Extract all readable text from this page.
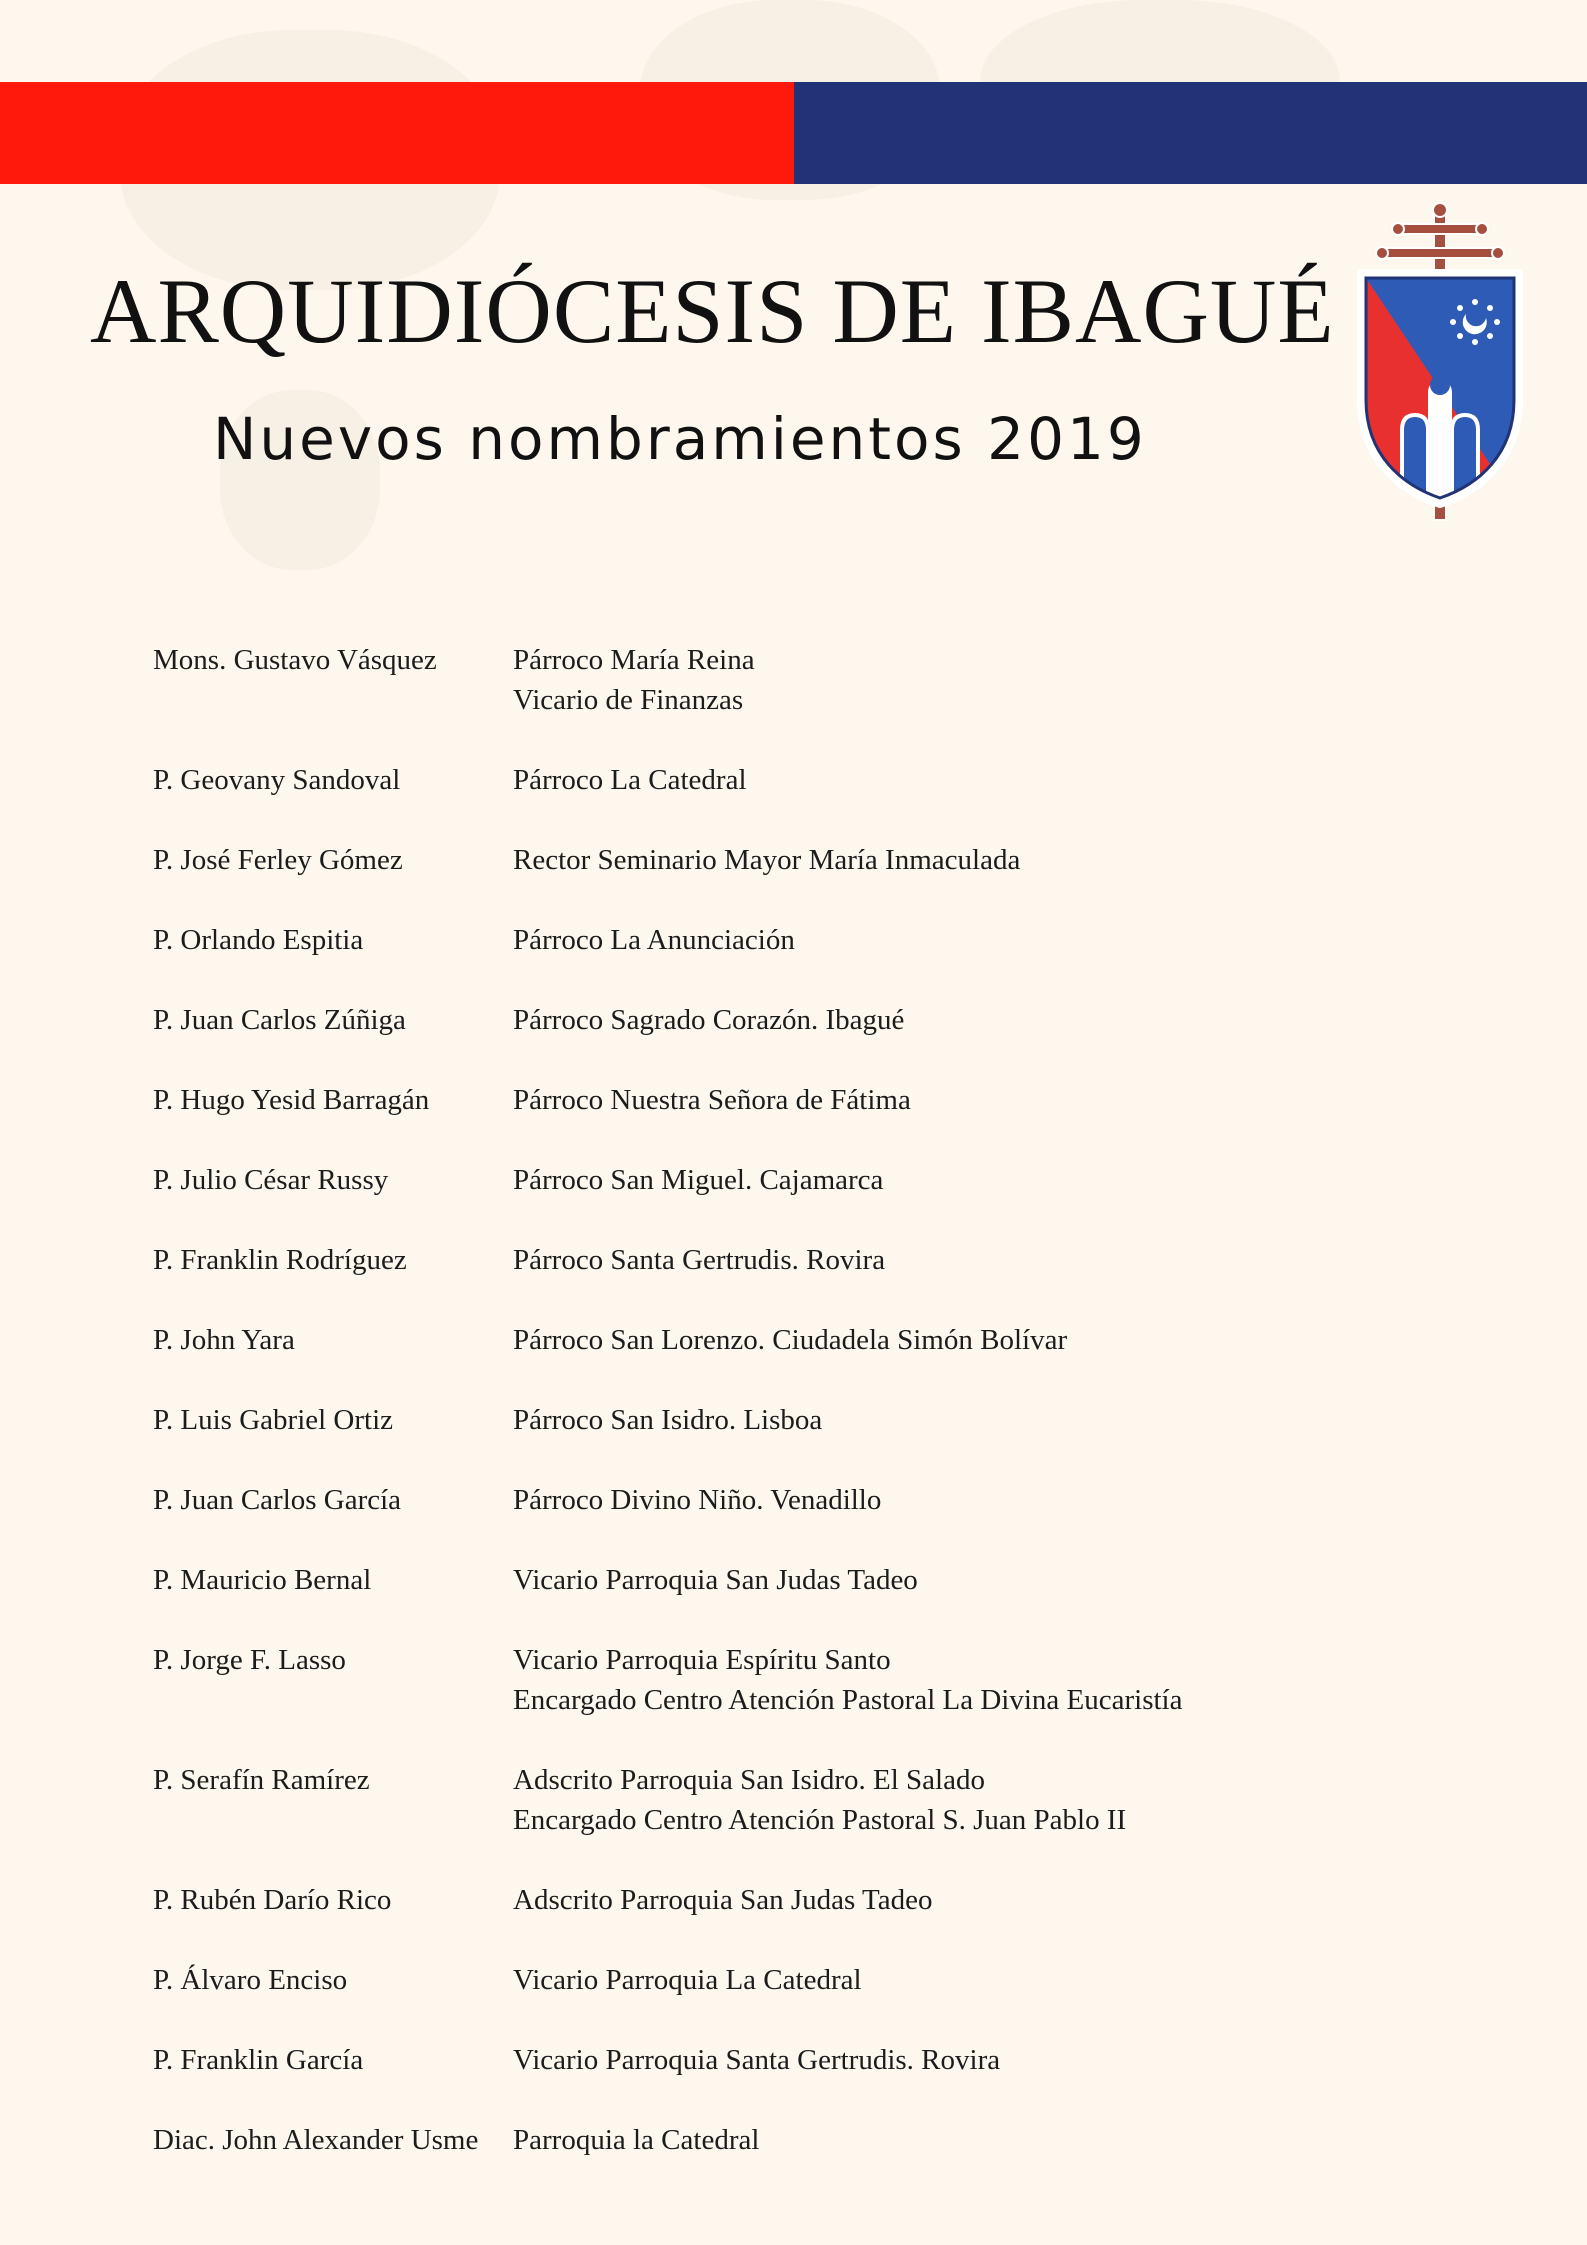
ARQUIDIÓCESIS DE IBAGUÉ
Nuevos nombramientos 2019
Mons. Gustavo Vásquez	Párroco María Reina
Vicario de Finanzas
P. Geovany Sandoval	Párroco La Catedral
P. José Ferley Gómez	Rector Seminario Mayor María Inmaculada
P. Orlando Espitia	Párroco La Anunciación
P. Juan Carlos Zúñiga	Párroco Sagrado Corazón. Ibagué
P. Hugo Yesid Barragán	Párroco Nuestra Señora de Fátima
P. Julio César Russy	Párroco San Miguel. Cajamarca
P. Franklin Rodríguez	Párroco Santa Gertrudis. Rovira
P. John Yara	Párroco San Lorenzo. Ciudadela Simón Bolívar
P. Luis Gabriel Ortiz	Párroco San Isidro. Lisboa
P. Juan Carlos García	Párroco Divino Niño. Venadillo
P. Mauricio Bernal	Vicario Parroquia San Judas Tadeo
P. Jorge F. Lasso	Vicario Parroquia Espíritu Santo
Encargado Centro Atención Pastoral La Divina Eucaristía
P. Serafín Ramírez	Adscrito Parroquia San Isidro. El Salado
Encargado Centro Atención Pastoral S. Juan Pablo II
P. Rubén Darío Rico	Adscrito Parroquia San Judas Tadeo
P. Álvaro Enciso	Vicario Parroquia La Catedral
P. Franklin García	Vicario Parroquia Santa Gertrudis. Rovira
Diac. John Alexander Usme	Parroquia la Catedral
